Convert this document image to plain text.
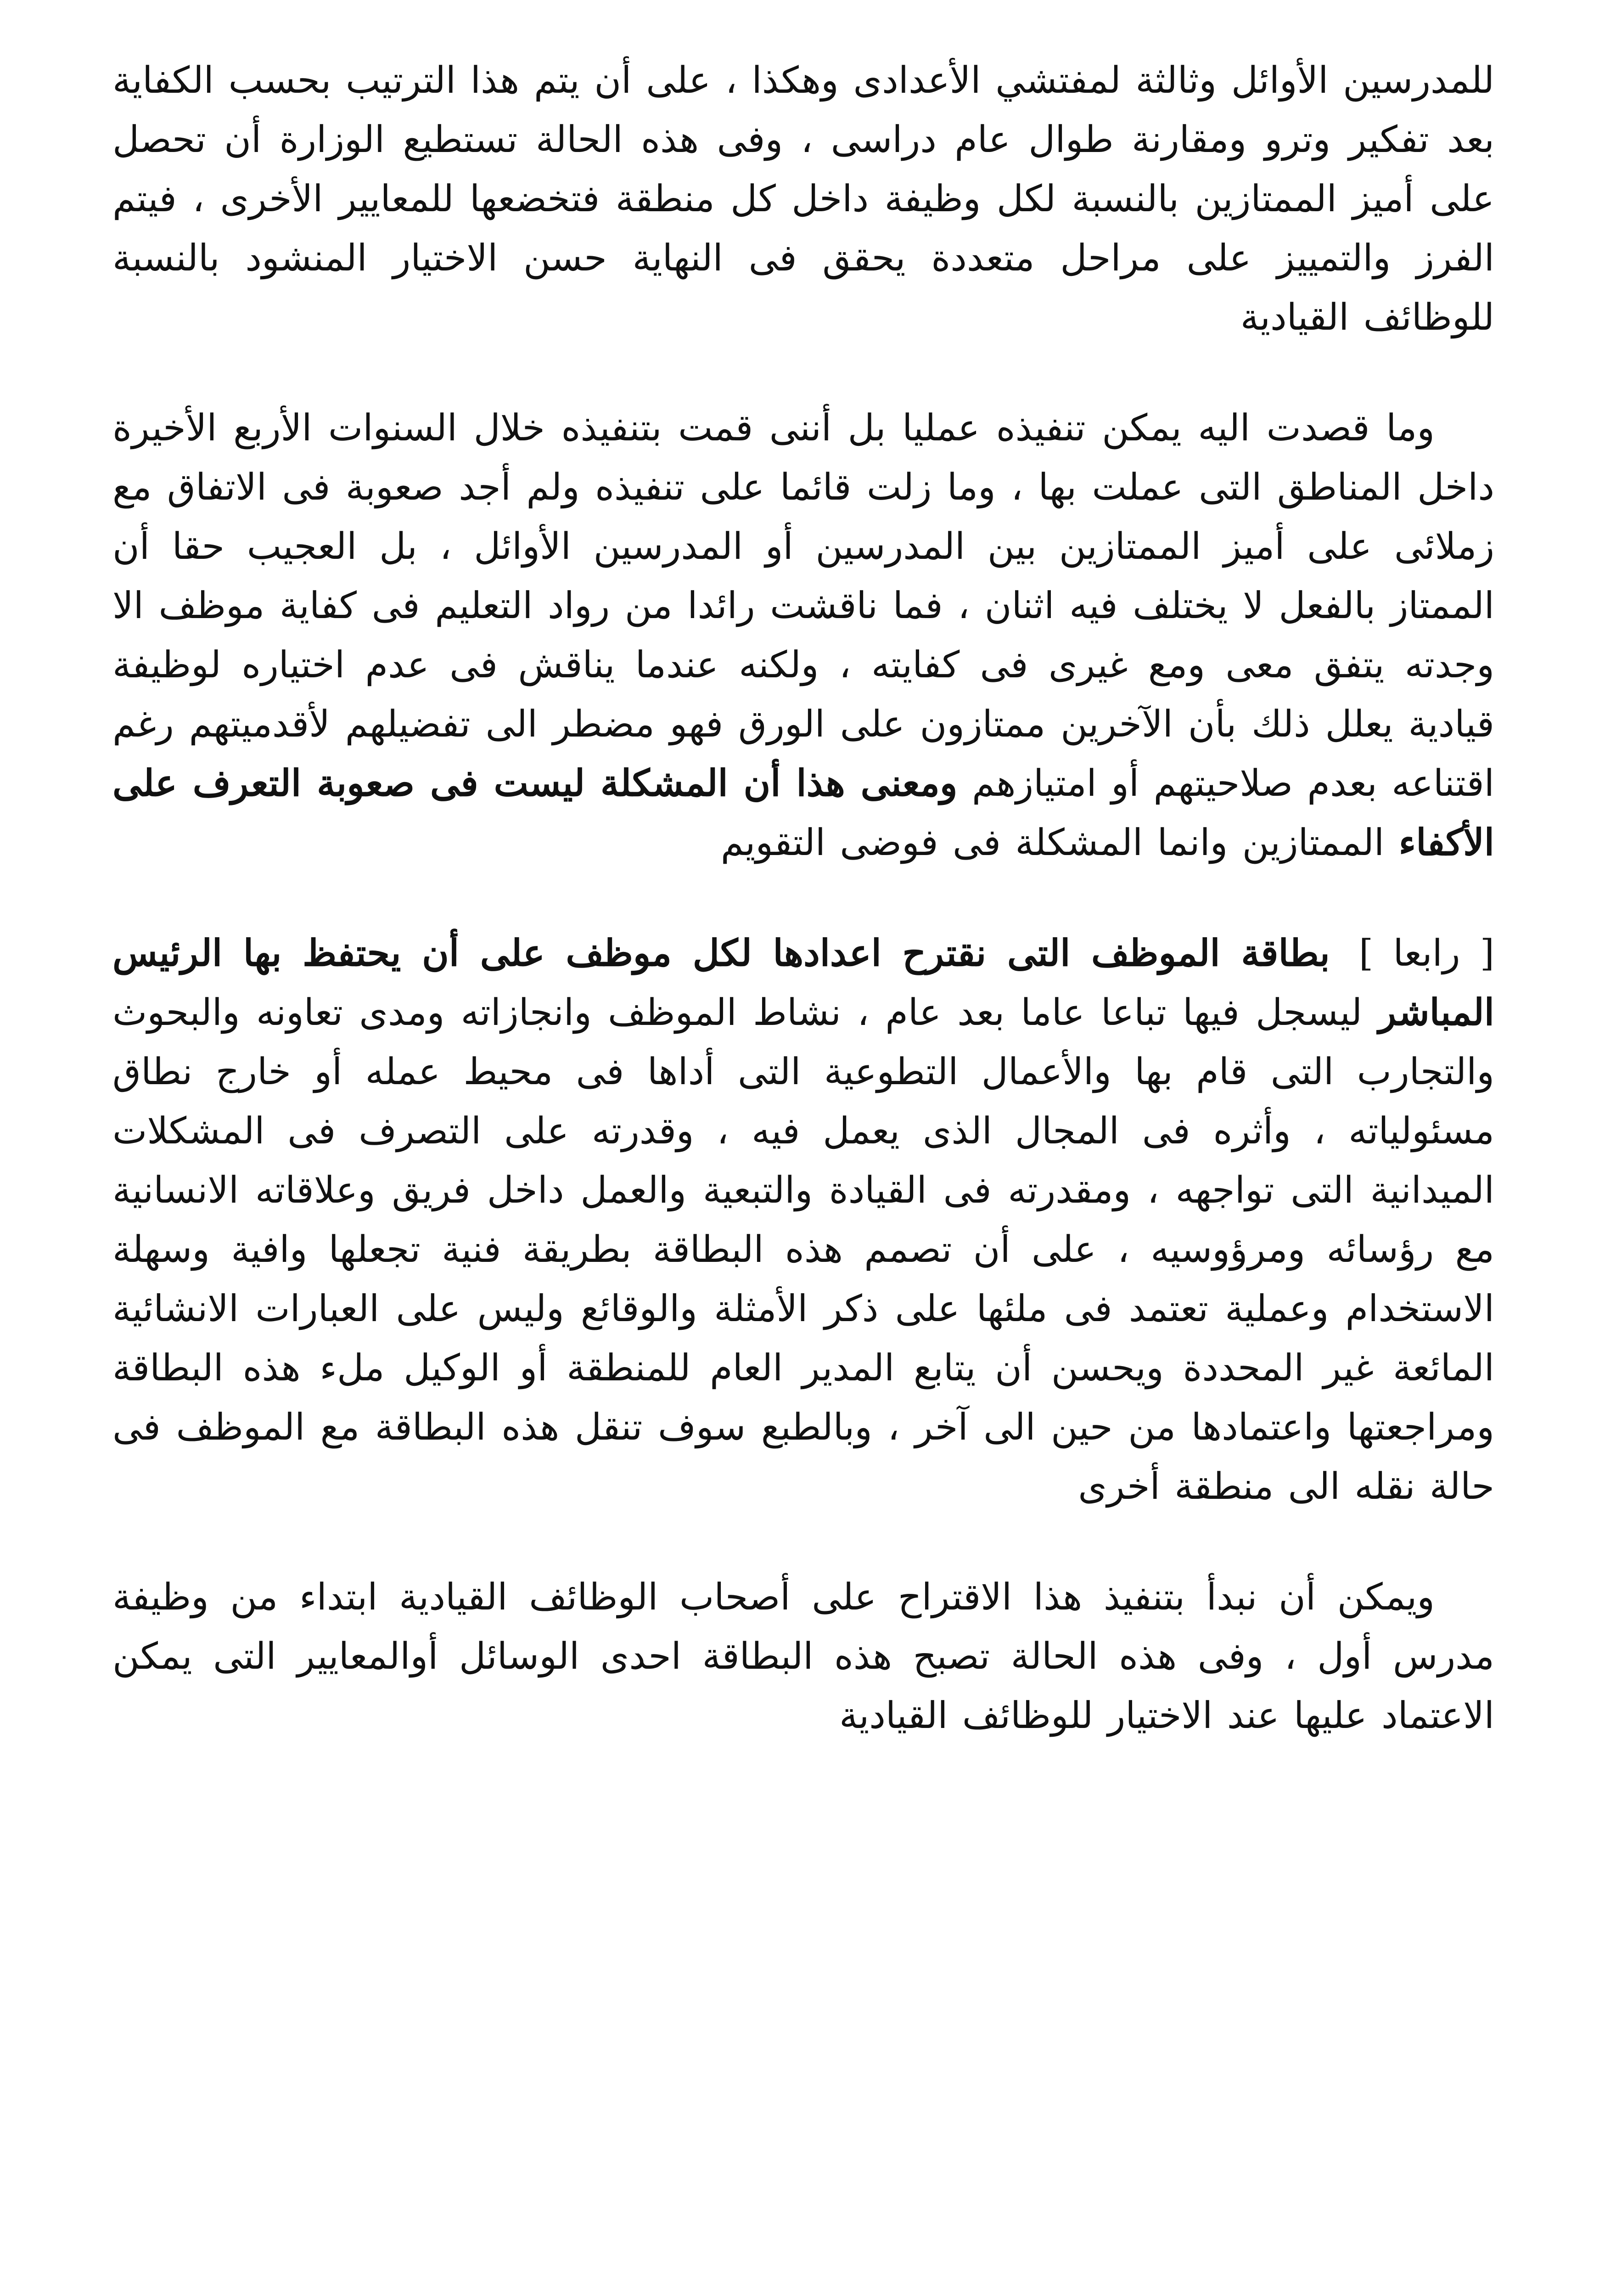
للمدرسين الأوائل وثالثة لمفتشي الأعدادى وهكذا ، على أن يتم هذا الترتيب بحسب الكفاية بعد تفكير وترو ومقارنة طوال عام دراسى ، وفى هذه الحالة تستطيع الوزارة أن تحصل على أميز الممتازين بالنسبة لكل وظيفة داخل كل منطقة فتخضعها للمعايير الأخرى ، فيتم الفرز والتمييز على مراحل متعددة يحقق فى النهاية حسن الاختيار المنشود بالنسبة للوظائف القيادية

وما قصدت اليه يمكن تنفيذه عمليا بل أننى قمت بتنفيذه خلال السنوات الأربع الأخيرة داخل المناطق التى عملت بها ، وما زلت قائما على تنفيذه ولم أجد صعوبة فى الاتفاق مع زملائى على أميز الممتازين بين المدرسين أو المدرسين الأوائل ، بل العجيب حقا أن الممتاز بالفعل لا يختلف فيه اثنان ، فما ناقشت رائدا من رواد التعليم فى كفاية موظف الا وجدته يتفق معى ومع غيرى فى كفايته ، ولكنه عندما يناقش فى عدم اختياره لوظيفة قيادية يعلل ذلك بأن الآخرين ممتازون على الورق فهو مضطر الى تفضيلهم لأقدميتهم رغم اقتناعه بعدم صلاحيتهم أو امتيازهم ومعنى هذا أن المشكلة ليست فى صعوبة التعرف على الأكفاء الممتازين وانما المشكلة فى فوضى التقويم

[ رابعا ] بطاقة الموظف التى نقترح اعدادها لكل موظف على أن يحتفظ بها الرئيس المباشر ليسجل فيها تباعا عاما بعد عام ، نشاط الموظف وانجازاته ومدى تعاونه والبحوث والتجارب التى قام بها والأعمال التطوعية التى أداها فى محيط عمله أو خارج نطاق مسئولياته ، وأثره فى المجال الذى يعمل فيه ، وقدرته على التصرف فى المشكلات الميدانية التى تواجهه ، ومقدرته فى القيادة والتبعية والعمل داخل فريق وعلاقاته الانسانية مع رؤسائه ومرؤوسيه ، على أن تصمم هذه البطاقة بطريقة فنية تجعلها وافية وسهلة الاستخدام وعملية تعتمد فى ملئها على ذكر الأمثلة والوقائع وليس على العبارات الانشائية المائعة غير المحددة ويحسن أن يتابع المدير العام للمنطقة أو الوكيل ملء هذه البطاقة ومراجعتها واعتمادها من حين الى آخر ، وبالطبع سوف تنقل هذه البطاقة مع الموظف فى حالة نقله الى منطقة أخرى

ويمكن أن نبدأ بتنفيذ هذا الاقتراح على أصحاب الوظائف القيادية ابتداء من وظيفة مدرس أول ، وفى هذه الحالة تصبح هذه البطاقة احدى الوسائل أوالمعايير التى يمكن الاعتماد عليها عند الاختيار للوظائف القيادية
